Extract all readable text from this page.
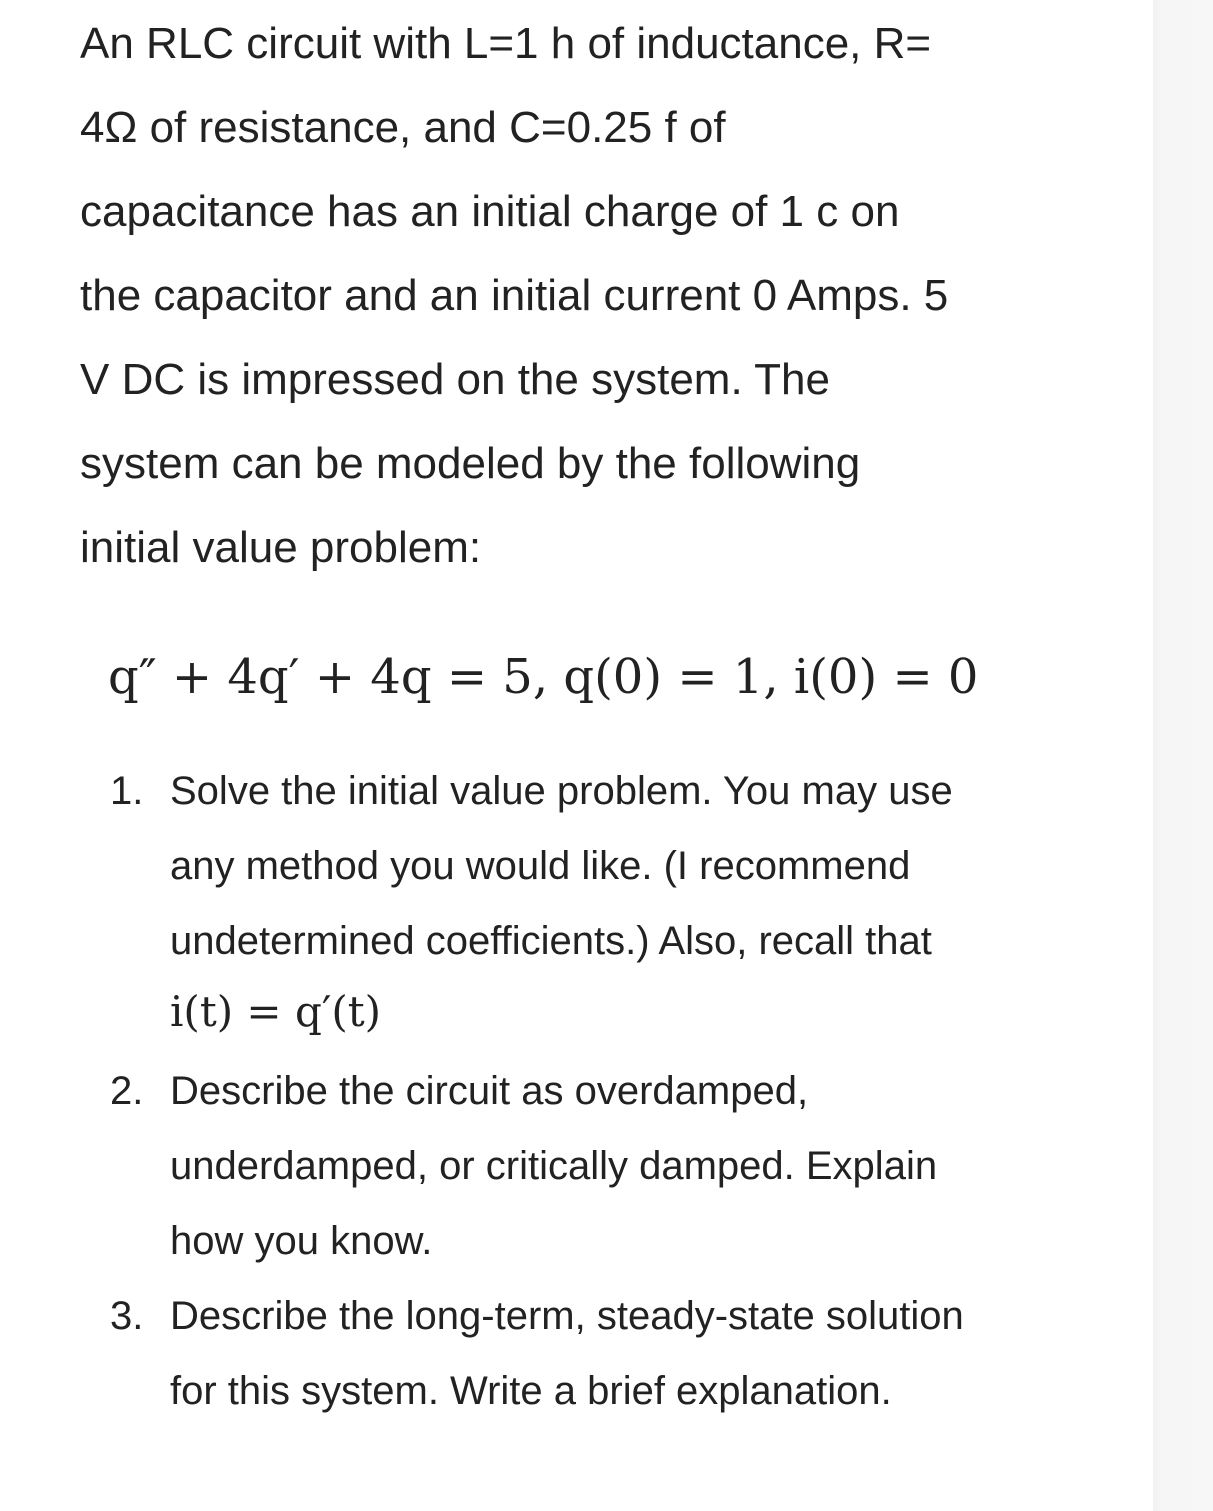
An RLC circuit with L=1 h of inductance, R=
4Ω of resistance, and C=0.25 f of
capacitance has an initial charge of 1 c on
the capacitor and an initial current 0 Amps. 5
V DC is impressed on the system. The
system can be modeled by the following
initial value problem:
q″ + 4q′ + 4q = 5, q(0) = 1, i(0) = 0
1. Solve the initial value problem. You may use
any method you would like. (I recommend
undetermined coefficients.) Also, recall that
i(t) = q′(t)
2. Describe the circuit as overdamped,
underdamped, or critically damped. Explain
how you know.
3. Describe the long-term, steady-state solution
for this system. Write a brief explanation.
